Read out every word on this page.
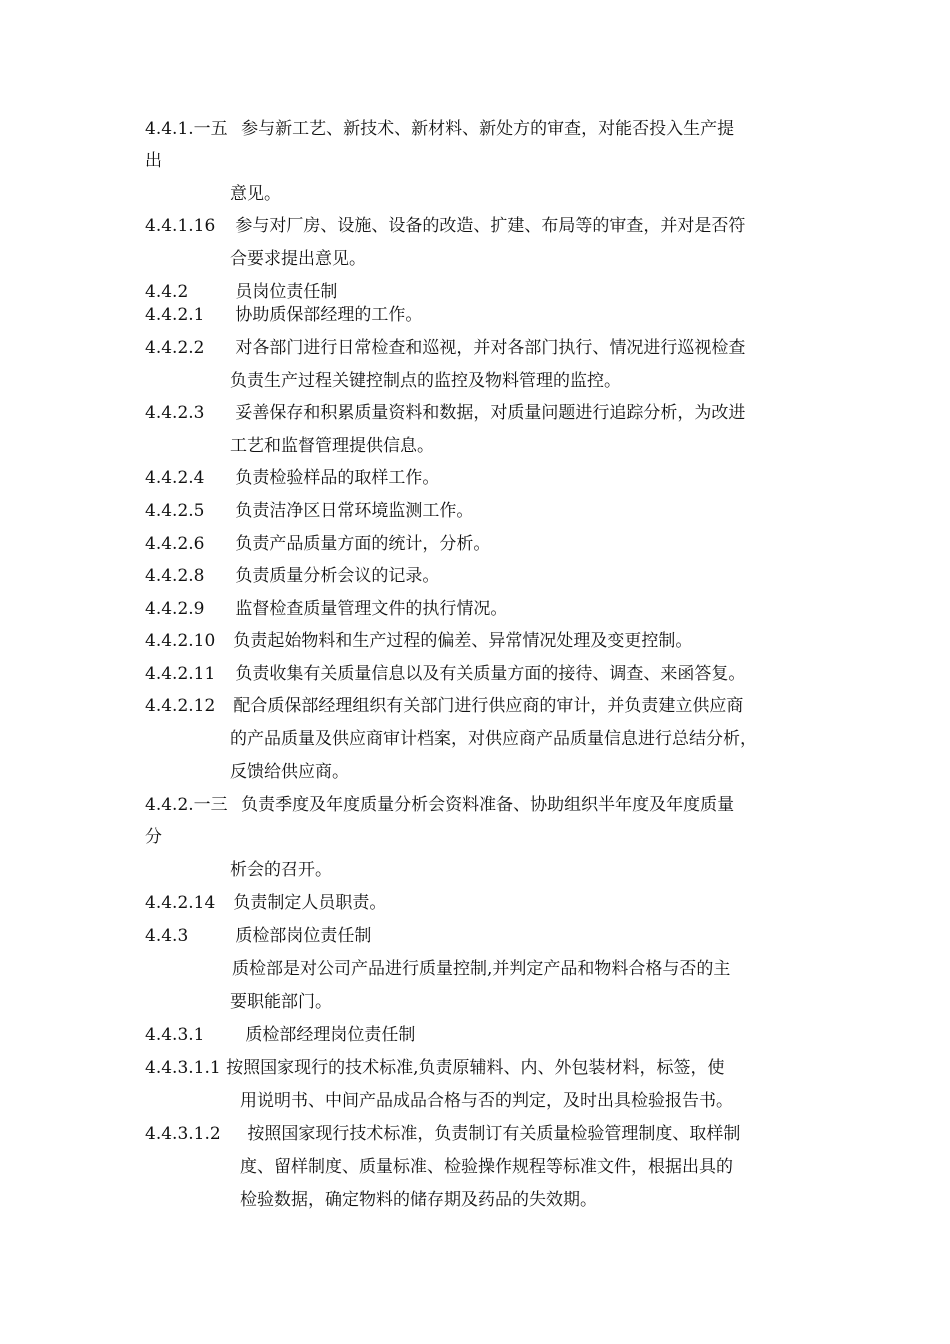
4.4.1.一五 参与新工艺、新技术、新材料、新处方的审查，对能否投入生产提
出
意见。
4.4.1.16 参与对厂房、设施、设备的改造、扩建、布局等的审查，并对是否符
合要求提出意见。
4.4.2	员岗位责任制
4.4.2.1 协助质保部经理的工作。
4.4.2.2 对各部门进行日常检查和巡视，并对各部门执行、情况进行巡视检查
负责生产过程关键控制点的监控及物料管理的监控。
4.4.2.3 妥善保存和积累质量资料和数据，对质量问题进行追踪分析，为改进
工艺和监督管理提供信息。
4.4.2.4 负责检验样品的取样工作。
4.4.2.5 负责洁净区日常环境监测工作。
4.4.2.6 负责产品质量方面的统计，分析。
4.4.2.8 负责质量分析会议的记录。
4.4.2.9 监督检查质量管理文件的执行情况。
4.4.2.10 负责起始物料和生产过程的偏差、异常情况处理及变更控制。
4.4.2.11 负责收集有关质量信息以及有关质量方面的接待、调查、来函答复。
4.4.2.12 配合质保部经理组织有关部门进行供应商的审计，并负责建立供应商
的产品质量及供应商审计档案，对供应商产品质量信息进行总结分析，
反馈给供应商。
4.4.2.一三 负责季度及年度质量分析会资料准备、协助组织半年度及年度质量
分
析会的召开。
4.4.2.14 负责制定人员职责。
4.4.3	质检部岗位责任制
质检部是对公司产品进行质量控制,并判定产品和物料合格与否的主
要职能部门。
4.4.3.1 质检部经理岗位责任制
4.4.3.1.1 按照国家现行的技术标准,负责原辅料、内、外包装材料，标签，使
用说明书、中间产品成品合格与否的判定，及时出具检验报告书。
4.4.3.1.2 按照国家现行技术标准，负责制订有关质量检验管理制度、取样制
度、留样制度、质量标准、检验操作规程等标准文件，根据出具的
检验数据，确定物料的储存期及药品的失效期。
